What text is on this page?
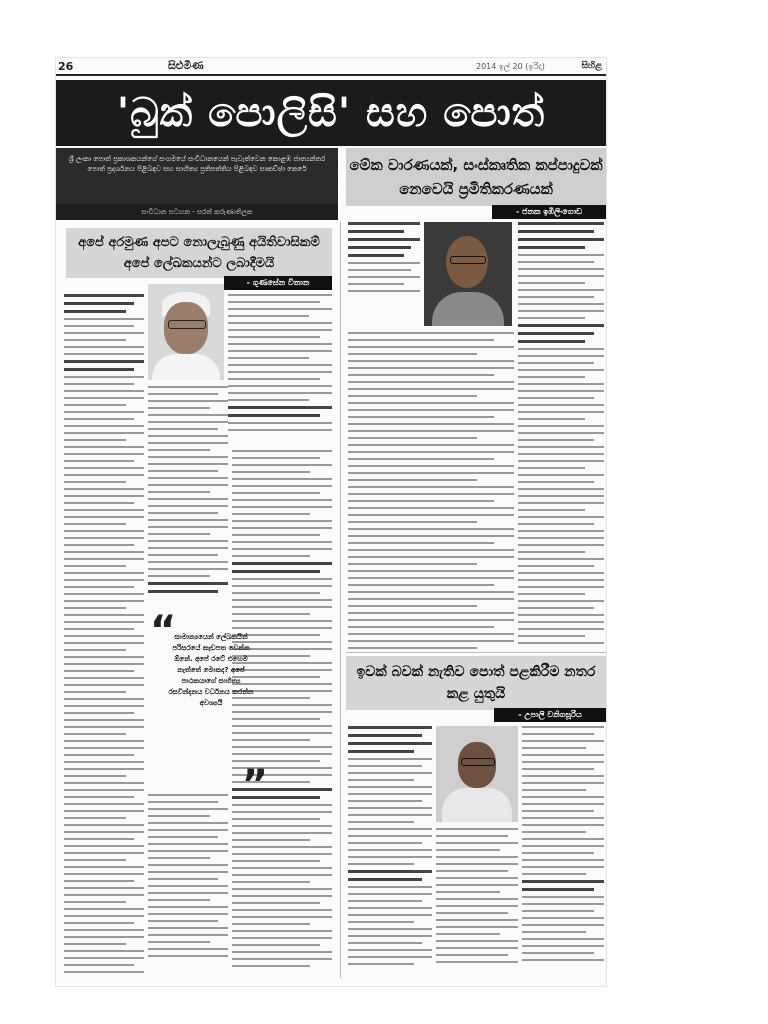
26	සිළුමිණ	2014 ඉල් 20 (ඉරිදා)	සිහිළ
'බුක් පොලිසි' සහ පොත්
ශ්‍රී ලංකා පොත් ප්‍රකාශකයන්ගේ සංගමයේ සංවිධානයෙන් පැවැත්වෙන කොළඹ ජාත්‍යන්තර පොත් ප්‍රදර්ශනය පිළිබඳව සහ සාහිත්‍ය ප්‍රතිපත්තිය පිළිබඳව සාකච්ඡා කෙරේ
සංවිධාන සටහන - සරත් කරුණාතිලක
මේක වාරණයක්, සංස්කෘතික කප්පාදුවක් නෙවෙයි ප්‍රමිතිකරණයක්
- ජනක ඉඹිලිංගොඩ
අපේ අරමුණ අපට නොලැබුණු අයිතිවාසිකම් අපේ ලේඛකයන්ට ලබාදීමයි
- ගුණසේන විතාන
“
සාමාන්‍යයෙන් ලේඛකයින් පරිසරයේ කැඩපත වෙන්න ඕනේ. අපේ රටේ එහෙම නැත්තේ මොකද? අපේ පාඨකයාගේ සාහිත්‍ය රසවින්දනය වර්ධනය කරන්න අවශ්‍යයි
”
ඉවක් බවක් නැතිව පොත් පළකිරීම නතර කළ යුතුයි
- උපාලි වනිගසූරිය
